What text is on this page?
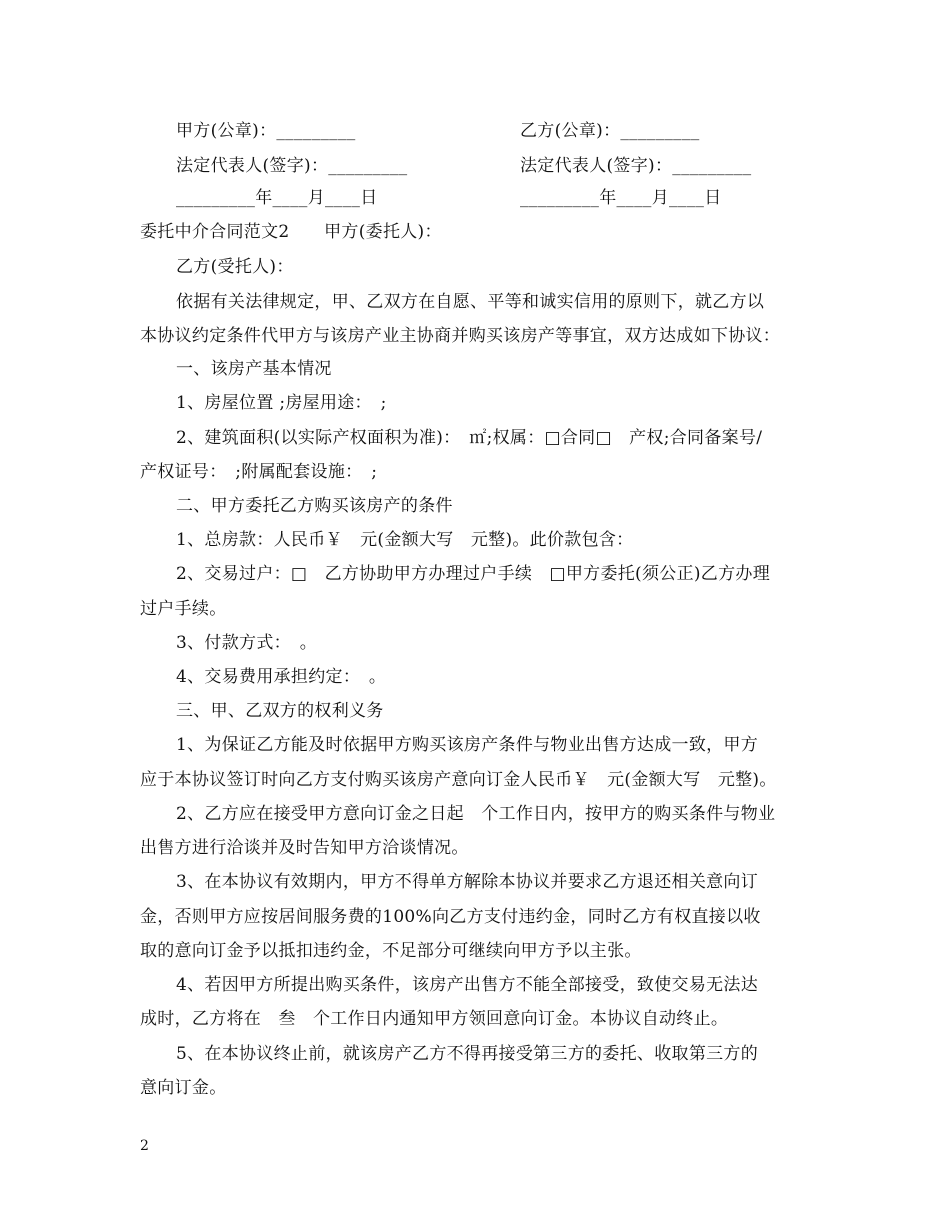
甲方(公章)：_________	乙方(公章)：_________
法定代表人(签字)：_________	法定代表人(签字)：_________
_________年____月____日	_________年____月____日
委托中介合同范文2　　甲方(委托人)：
乙方(受托人)：
依据有关法律规定，甲、乙双方在自愿、平等和诚实信用的原则下，就乙方以
本协议约定条件代甲方与该房产业主协商并购买该房产等事宜，双方达成如下协议：
一、该房产基本情况
1、房屋位置 ;房屋用途：　;
2、建筑面积(以实际产权面积为准)：　㎡;权属：□合同□　产权;合同备案号/
产权证号：　;附属配套设施：　;
二、甲方委托乙方购买该房产的条件
1、总房款：人民币￥　元(金额大写　元整)。此价款包含：
2、交易过户：□　乙方协助甲方办理过户手续　□甲方委托(须公正)乙方办理
过户手续。
3、付款方式：　。
4、交易费用承担约定：　。
三、甲、乙双方的权利义务
1、为保证乙方能及时依据甲方购买该房产条件与物业出售方达成一致，甲方
应于本协议签订时向乙方支付购买该房产意向订金人民币￥　元(金额大写　元整)。
2、乙方应在接受甲方意向订金之日起　个工作日内，按甲方的购买条件与物业
出售方进行洽谈并及时告知甲方洽谈情况。
3、在本协议有效期内，甲方不得单方解除本协议并要求乙方退还相关意向订
金，否则甲方应按居间服务费的100%向乙方支付违约金，同时乙方有权直接以收
取的意向订金予以抵扣违约金，不足部分可继续向甲方予以主张。
4、若因甲方所提出购买条件，该房产出售方不能全部接受，致使交易无法达
成时，乙方将在　叁　个工作日内通知甲方领回意向订金。本协议自动终止。
5、在本协议终止前，就该房产乙方不得再接受第三方的委托、收取第三方的
意向订金。
2
